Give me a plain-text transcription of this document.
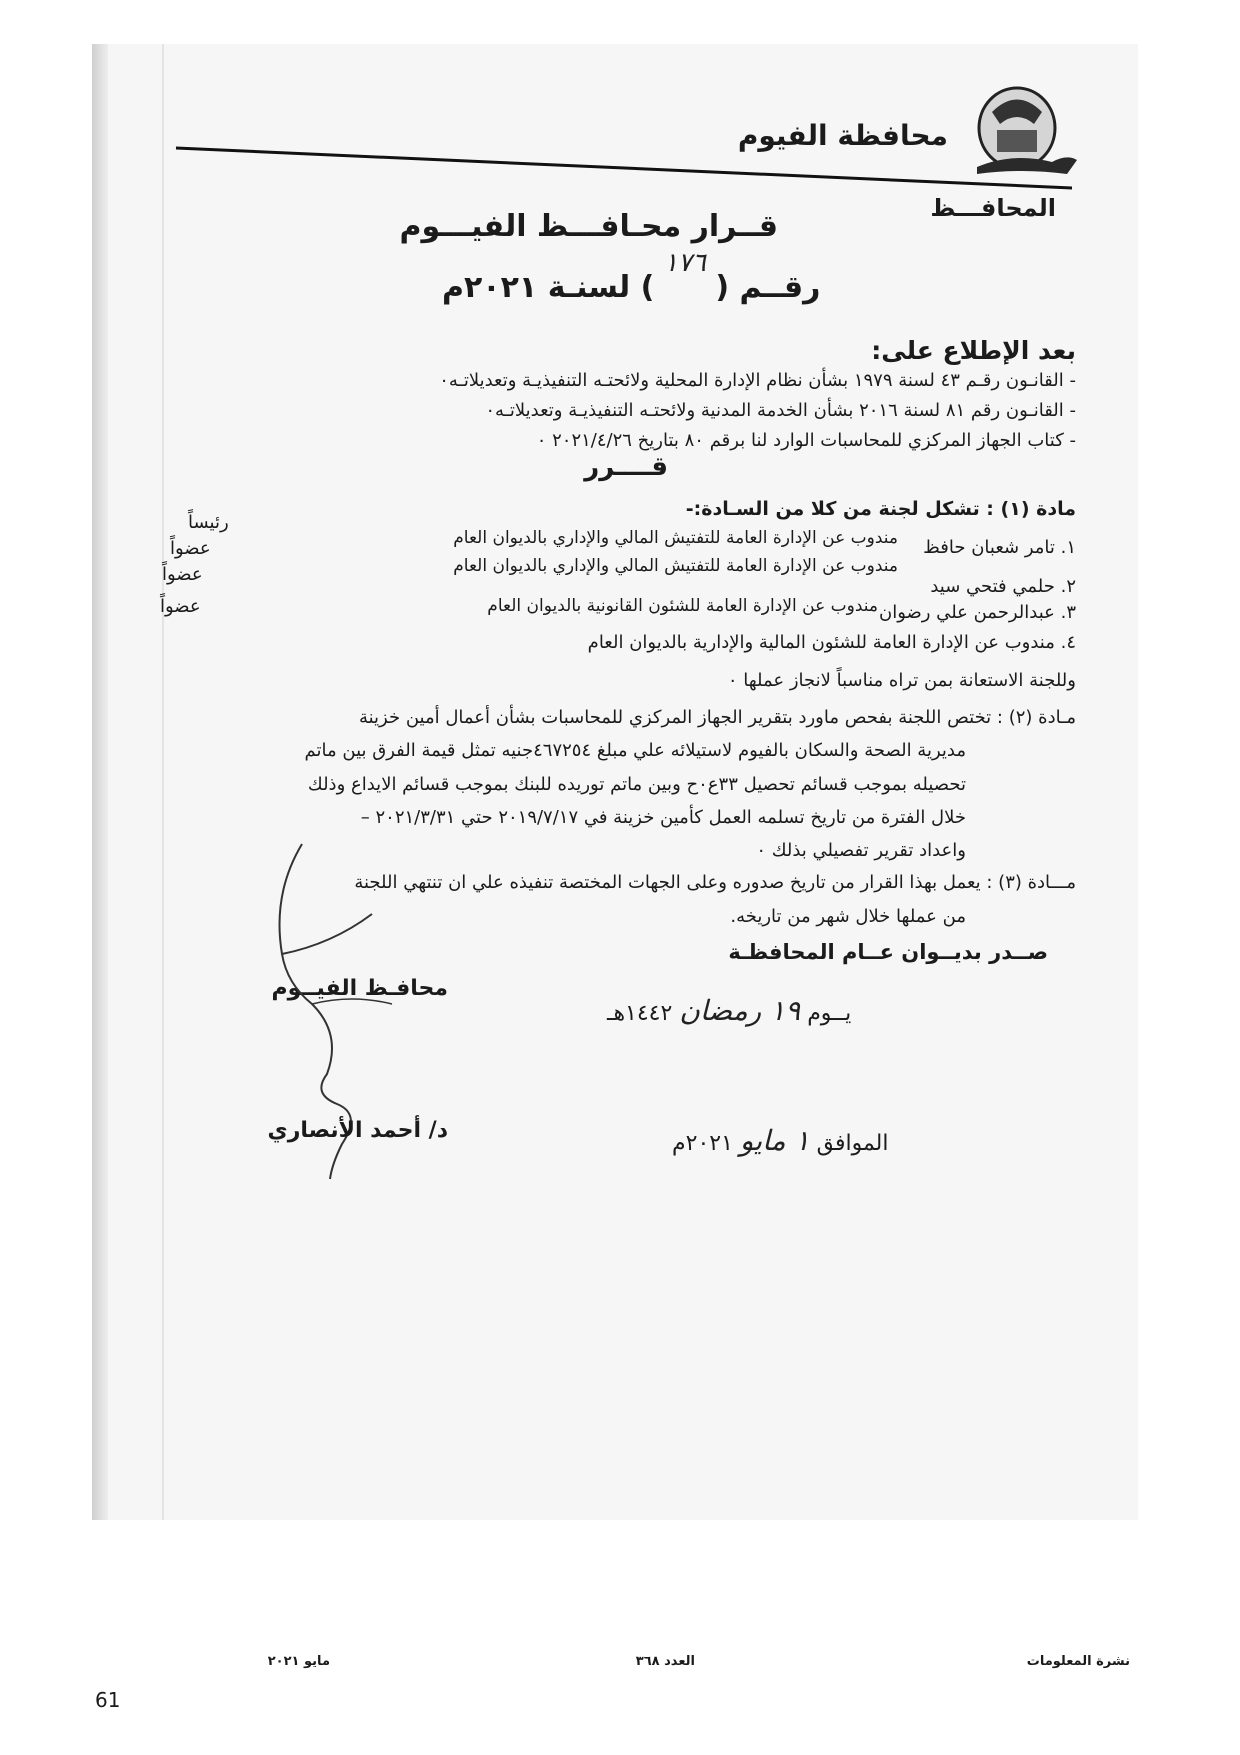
محافظة الفيوم
المحافـــظ
قــرار محـافـــظ الفيـــوم
رقــم ( ١٧٦ ) لسنـة ٢٠٢١م
بعد الإطلاع على:
- القانـون رقـم ٤٣ لسنة ١٩٧٩ بشأن نظام الإدارة المحلية ولائحتـه التنفيذيـة وتعديلاتـه٠
- القانـون رقم ٨١ لسنة ٢٠١٦ بشأن الخدمة المدنية ولائحتـه التنفيذيـة وتعديلاتـه٠
- كتاب الجهاز المركزي للمحاسبات الوارد لنا برقم ٨٠ بتاريخ ٢٠٢١/٤/٢٦ ٠
قــــرر
مادة (١) : تشكل لجنة من كلا من السـادة:-
١. تامر شعبان حافظ
مندوب عن الإدارة العامة للتفتيش المالي والإداري بالديوان العام
رئيساً
٢. حلمي فتحي سيد
مندوب عن الإدارة العامة للتفتيش المالي والإداري بالديوان العام
عضواً
٣. عبدالرحمن علي رضوان
مندوب عن الإدارة العامة للشئون القانونية بالديوان العام
عضواً
٤. مندوب عن الإدارة العامة للشئون المالية والإدارية بالديوان العام
عضواً
وللجنة الاستعانة بمن تراه مناسباً لانجاز عملها ٠
مـادة (٢) : تختص اللجنة بفحص ماورد بتقرير الجهاز المركزي للمحاسبات بشأن أعمال أمين خزينة
مديرية الصحة والسكان بالفيوم لاستيلائه علي مبلغ ٤٦٧٢٥٤جنيه تمثل قيمة الفرق بين ماتم
تحصيله بموجب قسائم تحصيل ٣٣ع٠ح وبين ماتم توريده للبنك بموجب قسائم الايداع وذلك
خلال الفترة من تاريخ تسلمه العمل كأمين خزينة في ٢٠١٩/٧/١٧ حتي ٢٠٢١/٣/٣١ –
واعداد تقرير تفصيلي بذلك ٠
مـــادة (٣) : يعمل بهذا القرار من تاريخ صدوره وعلى الجهات المختصة تنفيذه علي ان تنتهي اللجنة
من عملها خلال شهر من تاريخه.
صــدر بديــوان عــام المحافظـة
محافـظ الفيــوم
د/ أحمد الأنصاري
يــوم ١٩ رمضان ١٤٤٢هـ
الموافق ١ مايو ٢٠٢١م
نشرة المعلومات
العدد ٣٦٨
مايو ٢٠٢١
61
